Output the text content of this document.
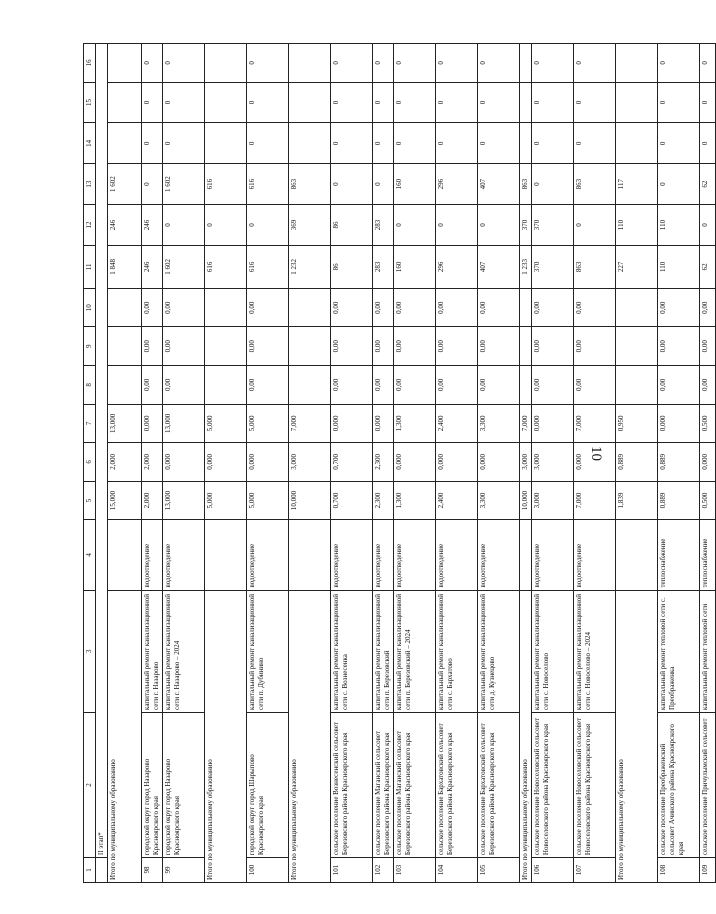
10
1	2	3	4	5	6	7	8	9	10	11	12	13	14	15	16
	II этап*														
Итого по муниципальному образованию				15,000	2,000	13,000				1 848	246	1 602			
98	городской округ город Назарово Красноярского края	капитальный ремонт канализационной сети г. Назарово	водоотведение	2,000	2,000	0,000	0,00	0,00	0,00	246	246	0	0	0	0
99	городской округ город Назарово Красноярского края	капитальный ремонт канализационной сети г. Назарово – 2024	водоотведение	13,000	0,000	13,000	0,00	0,00	0,00	1 602	0	1 602	0	0	0
Итого по муниципальному образованию				5,000	0,000	5,000				616	0	616			
100	городской округ город Шарыпово Красноярского края	капитальный ремонт канализационной сети п. Дубинино	водоотведение	5,000	0,000	5,000	0,00	0,00	0,00	616	0	616	0	0	0
Итого по муниципальному образованию				10,000	3,000	7,000				1 232	369	863			
101	сельское поселение Вознесенский сельсовет Березовского района Красноярского края	капитальный ремонт канализационной сети с. Вознесенка	водоотведение	0,700	0,700	0,000	0,00	0,00	0,00	86	86	0	0	0	0
102	сельское поселение Маганский сельсовет Березовского района Красноярского края	капитальный ремонт канализационной сети п. Березовский	водоотведение	2,300	2,300	0,000	0,00	0,00	0,00	283	283	0	0	0	0
103	сельское поселение Маганский сельсовет Березовского района Красноярского края	капитальный ремонт канализационной сети п. Березовский – 2024	водоотведение	1,300	0,000	1,300	0,00	0,00	0,00	160	0	160	0	0	0
104	сельское поселение Бархатовский сельсовет Березовского района Красноярского края	капитальный ремонт канализационной сети с. Бархатово	водоотведение	2,400	0,000	2,400	0,00	0,00	0,00	296	0	296	0	0	0
105	сельское поселение Бархатовский сельсовет Березовского района Красноярского края	капитальный ремонт канализационной сети д. Кузнецово	водоотведение	3,300	0,000	3,300	0,00	0,00	0,00	407	0	407	0	0	0
Итого по муниципальному образованию				10,000	3,000	7,000				1 233	370	863			
106	сельское поселение Новоселовский сельсовет Новоселовского района Красноярского края	капитальный ремонт канализационной сети с. Новоселово	водоотведение	3,000	3,000	0,000	0,00	0,00	0,00	370	370	0	0	0	0
107	сельское поселение Новоселовский сельсовет Новоселовского района Красноярского края	капитальный ремонт канализационной сети с. Новоселово – 2024	водоотведение	7,000	0,000	7,000	0,00	0,00	0,00	863	0	863	0	0	0
Итого по муниципальному образованию				1,839	0,889	0,950				227	110	117			
108	сельское поселение Преображенский сельсовет Ачинского района Красноярского края	капитальный ремонт тепловой сети с. Преображенка	теплоснабжение	0,889	0,889	0,000	0,00	0,00	0,00	110	110	0	0	0	0
109	сельское поселение Причулымский сельсовет	капитальный ремонт тепловой сети	теплоснабжение	0,500	0,000	0,500	0,00	0,00	0,00	62	0	62	0	0	0
